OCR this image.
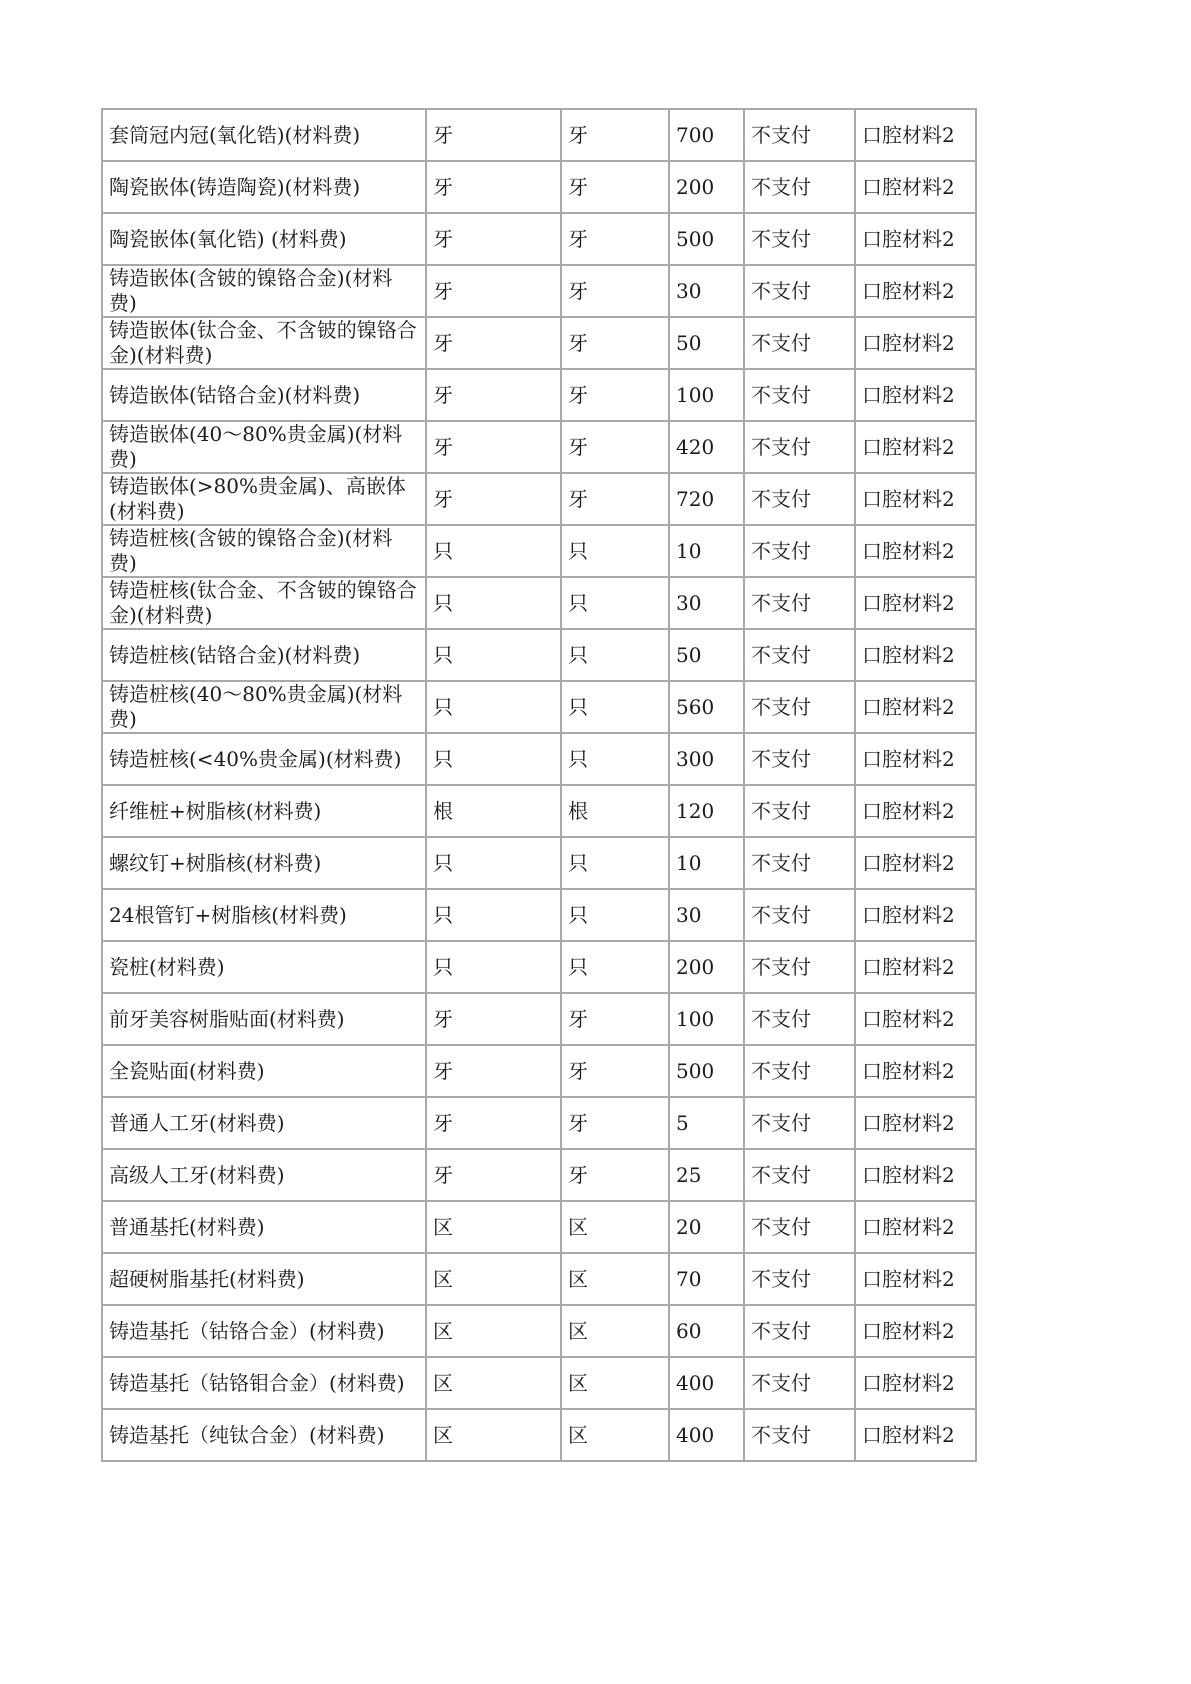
套筒冠内冠(氧化锆)(材料费)	牙	牙	700	不支付	口腔材料2
陶瓷嵌体(铸造陶瓷)(材料费)	牙	牙	200	不支付	口腔材料2
陶瓷嵌体(氧化锆) (材料费)	牙	牙	500	不支付	口腔材料2
铸造嵌体(含铍的镍铬合金)(材料费)	牙	牙	30	不支付	口腔材料2
铸造嵌体(钛合金、不含铍的镍铬合金)(材料费)	牙	牙	50	不支付	口腔材料2
铸造嵌体(钴铬合金)(材料费)	牙	牙	100	不支付	口腔材料2
铸造嵌体(40～80%贵金属)(材料费)	牙	牙	420	不支付	口腔材料2
铸造嵌体(>80%贵金属)、高嵌体(材料费)	牙	牙	720	不支付	口腔材料2
铸造桩核(含铍的镍铬合金)(材料费)	只	只	10	不支付	口腔材料2
铸造桩核(钛合金、不含铍的镍铬合金)(材料费)	只	只	30	不支付	口腔材料2
铸造桩核(钴铬合金)(材料费)	只	只	50	不支付	口腔材料2
铸造桩核(40～80%贵金属)(材料费)	只	只	560	不支付	口腔材料2
铸造桩核(<40%贵金属)(材料费)	只	只	300	不支付	口腔材料2
纤维桩+树脂核(材料费)	根	根	120	不支付	口腔材料2
螺纹钉+树脂核(材料费)	只	只	10	不支付	口腔材料2
24根管钉+树脂核(材料费)	只	只	30	不支付	口腔材料2
瓷桩(材料费)	只	只	200	不支付	口腔材料2
前牙美容树脂贴面(材料费)	牙	牙	100	不支付	口腔材料2
全瓷贴面(材料费)	牙	牙	500	不支付	口腔材料2
普通人工牙(材料费)	牙	牙	5	不支付	口腔材料2
高级人工牙(材料费)	牙	牙	25	不支付	口腔材料2
普通基托(材料费)	区	区	20	不支付	口腔材料2
超硬树脂基托(材料费)	区	区	70	不支付	口腔材料2
铸造基托（钴铬合金）(材料费)	区	区	60	不支付	口腔材料2
铸造基托（钴铬钼合金）(材料费)	区	区	400	不支付	口腔材料2
铸造基托（纯钛合金）(材料费)	区	区	400	不支付	口腔材料2
